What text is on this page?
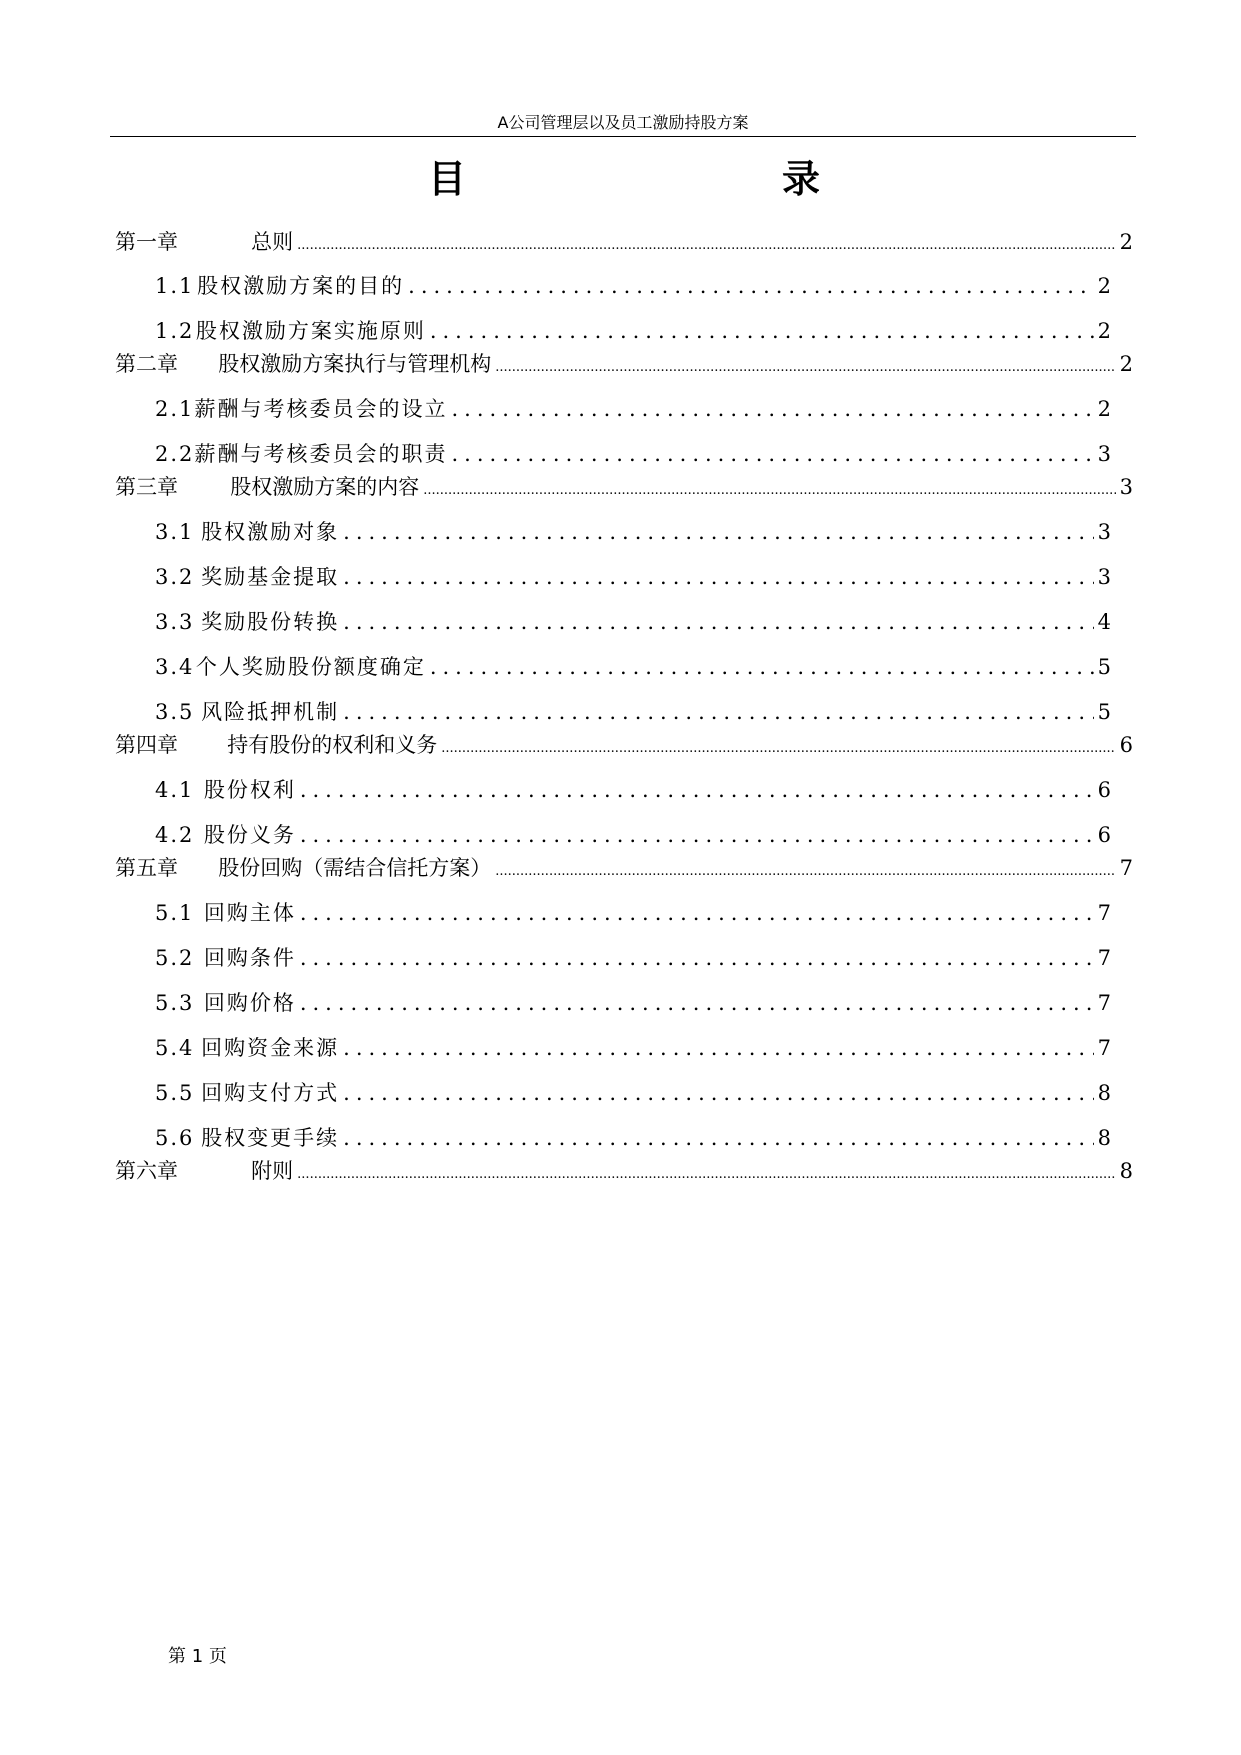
A公司管理层以及员工激励持股方案
目	录
第一章	总则 .....	2
1.1 股权激励方案的目的 .....	2
1.2 股权激励方案实施原则 .....	2
第二章	股权激励方案执行与管理机构 .....	2
2.1 薪酬与考核委员会的设立 .....	2
2.2 薪酬与考核委员会的职责 .....	3
第三章	股权激励方案的内容 .....	3
3.1 股权激励对象 .....	3
3.2 奖励基金提取 .....	3
3.3 奖励股份转换 .....	4
3.4 个人奖励股份额度确定 .....	5
3.5 风险抵押机制 .....	5
第四章	持有股份的权利和义务 .....	6
4.1 股份权利 .....	6
4.2 股份义务 .....	6
第五章	股份回购（需结合信托方案） .....	7
5.1 回购主体 .....	7
5.2 回购条件 .....	7
5.3 回购价格 .....	7
5.4 回购资金来源 .....	7
5.5 回购支付方式 .....	8
5.6 股权变更手续 .....	8
第六章	附则 .....	8
第 1 页
